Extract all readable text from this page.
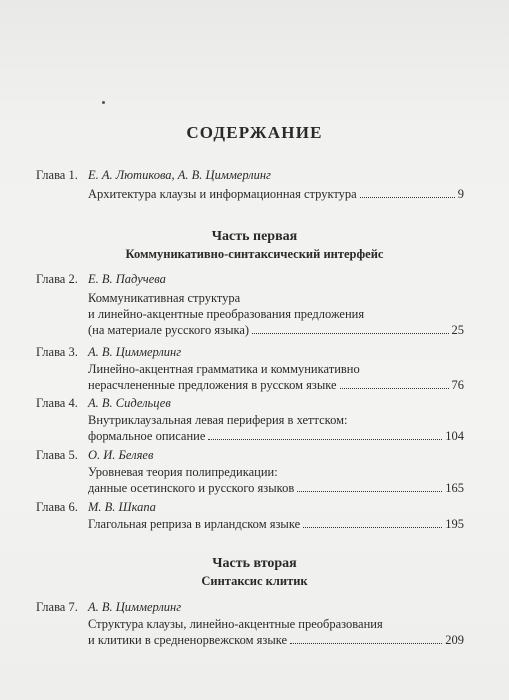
СОДЕРЖАНИЕ
Глава 1. Е. А. Лютикова, А. В. Циммерлинг
Архитектура клаузы и информационная структура	9
Часть первая
Коммуникативно-синтаксический интерфейс
Глава 2. Е. В. Падучева
Коммуникативная структура
и линейно-акцентные преобразования предложения
(на материале русского языка)	25
Глава 3. А. В. Циммерлинг
Линейно-акцентная грамматика и коммуникативно
нерасчлененные предложения в русском языке	76
Глава 4. А. В. Сидельцев
Внутриклаузальная левая периферия в хеттском:
формальное описание	104
Глава 5. О. И. Беляев
Уровневая теория полипредикации:
данные осетинского и русского языков	165
Глава 6. М. В. Шкапа
Глагольная реприза в ирландском языке	195
Часть вторая
Синтаксис клитик
Глава 7. А. В. Циммерлинг
Структура клаузы, линейно-акцентные преобразования
и клитики в средненорвежском языке	209
